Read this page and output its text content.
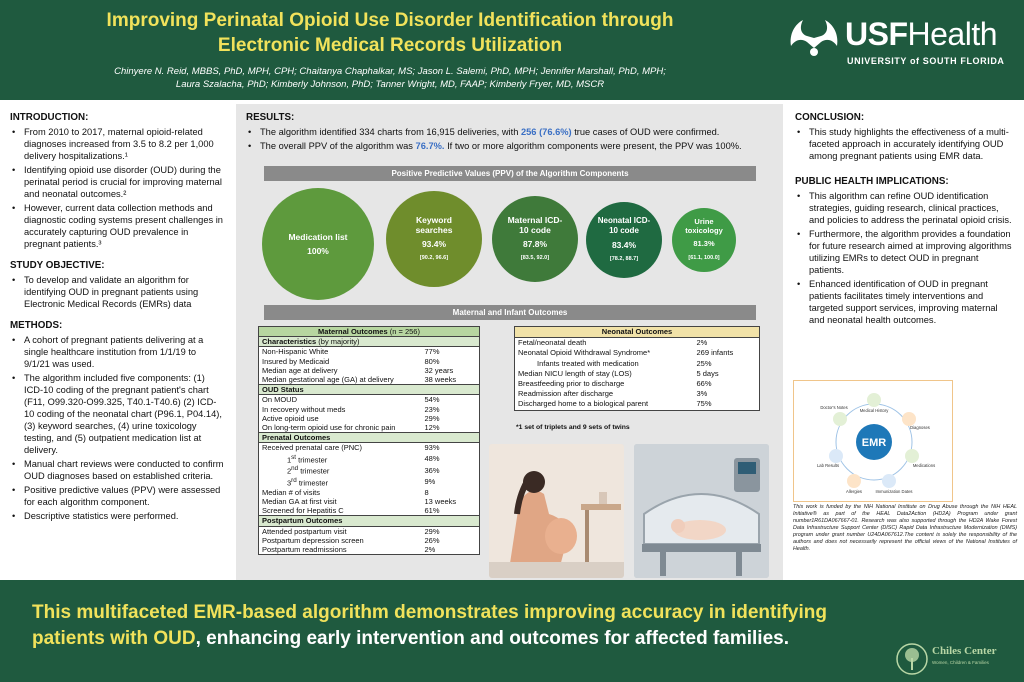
Improving Perinatal Opioid Use Disorder Identification through
Electronic Medical Records Utilization
Chinyere N. Reid, MBBS, PhD, MPH, CPH; Chaitanya Chaphalkar, MS; Jason L. Salemi, PhD, MPH; Jennifer Marshall, PhD, MPH;
Laura Szalacha, PhD; Kimberly Johnson, PhD; Tanner Wright, MD, FAAP; Kimberly Fryer, MD, MSCR
USFHealth
UNIVERSITY of SOUTH FLORIDA
INTRODUCTION:
• From 2010 to 2017, maternal opioid-related diagnoses increased from 3.5 to 8.2 per 1,000 delivery hospitalizations.¹
• Identifying opioid use disorder (OUD) during the perinatal period is crucial for improving maternal and neonatal outcomes.²
• However, current data collection methods and diagnostic coding systems present challenges in accurately capturing OUD prevalence in pregnant patients.³
STUDY OBJECTIVE:
• To develop and validate an algorithm for identifying OUD in pregnant patients using Electronic Medical Records (EMRs) data
METHODS:
• A cohort of pregnant patients delivering at a single healthcare institution from 1/1/19 to 9/1/21 was used.
• The algorithm included five components: (1) ICD-10 coding of the pregnant patient's chart (F11, O99.320-O99.325, T40.1-T40.6) (2) ICD-10 coding of the neonatal chart (P96.1, P04.14), (3) keyword searches, (4) urine toxicology testing, and (5) outpatient medication list at delivery.
• Manual chart reviews were conducted to confirm OUD diagnoses based on established criteria.
• Positive predictive values (PPV) were assessed for each algorithm component.
• Descriptive statistics were performed.
RESULTS:
• The algorithm identified 334 charts from 16,915 deliveries, with 256 (76.6%) true cases of OUD were confirmed.
• The overall PPV of the algorithm was 76.7%. If two or more algorithm components were present, the PPV was 100%.
Positive Predictive Values (PPV) of the Algorithm Components
Medication list
100%
Keyword searches
93.4%
[90.2, 96.6]
Maternal ICD-10 code
87.8%
[83.5, 92.0]
Neonatal ICD-10 code
83.4%
[78.2, 88.7]
Urine toxicology
81.3%
[61.1, 100.0]
Maternal and Infant Outcomes
Maternal Outcomes (n = 256)	
Characteristics (by majority)	
Non-Hispanic White	77%
Insured by Medicaid	80%
Median age at delivery	32 years
Median gestational age (GA) at delivery	38 weeks
OUD Status	
On MOUD	54%
In recovery without meds	23%
Active opioid use	29%
On long-term opioid use for chronic pain	12%
Prenatal Outcomes	
Received prenatal care (PNC)	93%
1st trimester	48%
2nd trimester	36%
3rd trimester	9%
Median # of visits	8
Median GA at first visit	13 weeks
Screened for Hepatitis C	61%
Postpartum Outcomes	
Attended postpartum visit	29%
Postpartum depression screen	26%
Postpartum readmissions	2%
Neonatal Outcomes	
Fetal/neonatal death	2%
Neonatal Opioid Withdrawal Syndrome*	269 infants
Infants treated with medication	25%
Median NICU length of stay (LOS)	5 days
Breastfeeding prior to discharge	66%
Readmission after discharge	3%
Discharged home to a biological parent	75%
*1 set of triplets and 9 sets of twins
CONCLUSION:
• This study highlights the effectiveness of a multi-faceted approach in accurately identifying OUD among pregnant patients using EMR data.
PUBLIC HEALTH IMPLICATIONS:
• This algorithm can refine OUD identification strategies, guiding research, clinical practices, and policies to address the perinatal opioid crisis.
• Furthermore, the algorithm provides a foundation for future research aimed at improving algorithms utilizing EMRs to detect OUD in pregnant patients.
• Enhanced identification of OUD in pregnant patients facilitates timely interventions and targeted support services, improving maternal and neonatal health outcomes.
EMR
Medical History
Diagnoses
Medications
Immunization Dates
Allergies
Lab Results
Doctor's Notes
This work is funded by the NIH National Institute on Drug Abuse through the NIH HEAL Initiative® as part of the HEAL Data2Action (HD2A) Program under grant number1R61DA067667-01. Research was also supported through the HD2A Wake Forest Data Infrastructure Support Center (DISC) Rapid Data Infrastructure Modernization (DIMS) program under grant number U24DA067612.The content is solely the responsibility of the authors and does not necessarily represent the official views of the National Institutes of Health.
This multifaceted EMR-based algorithm demonstrates improving accuracy in identifying patients with OUD, enhancing early intervention and outcomes for affected families.
Chiles Center
Women, Children & Families
